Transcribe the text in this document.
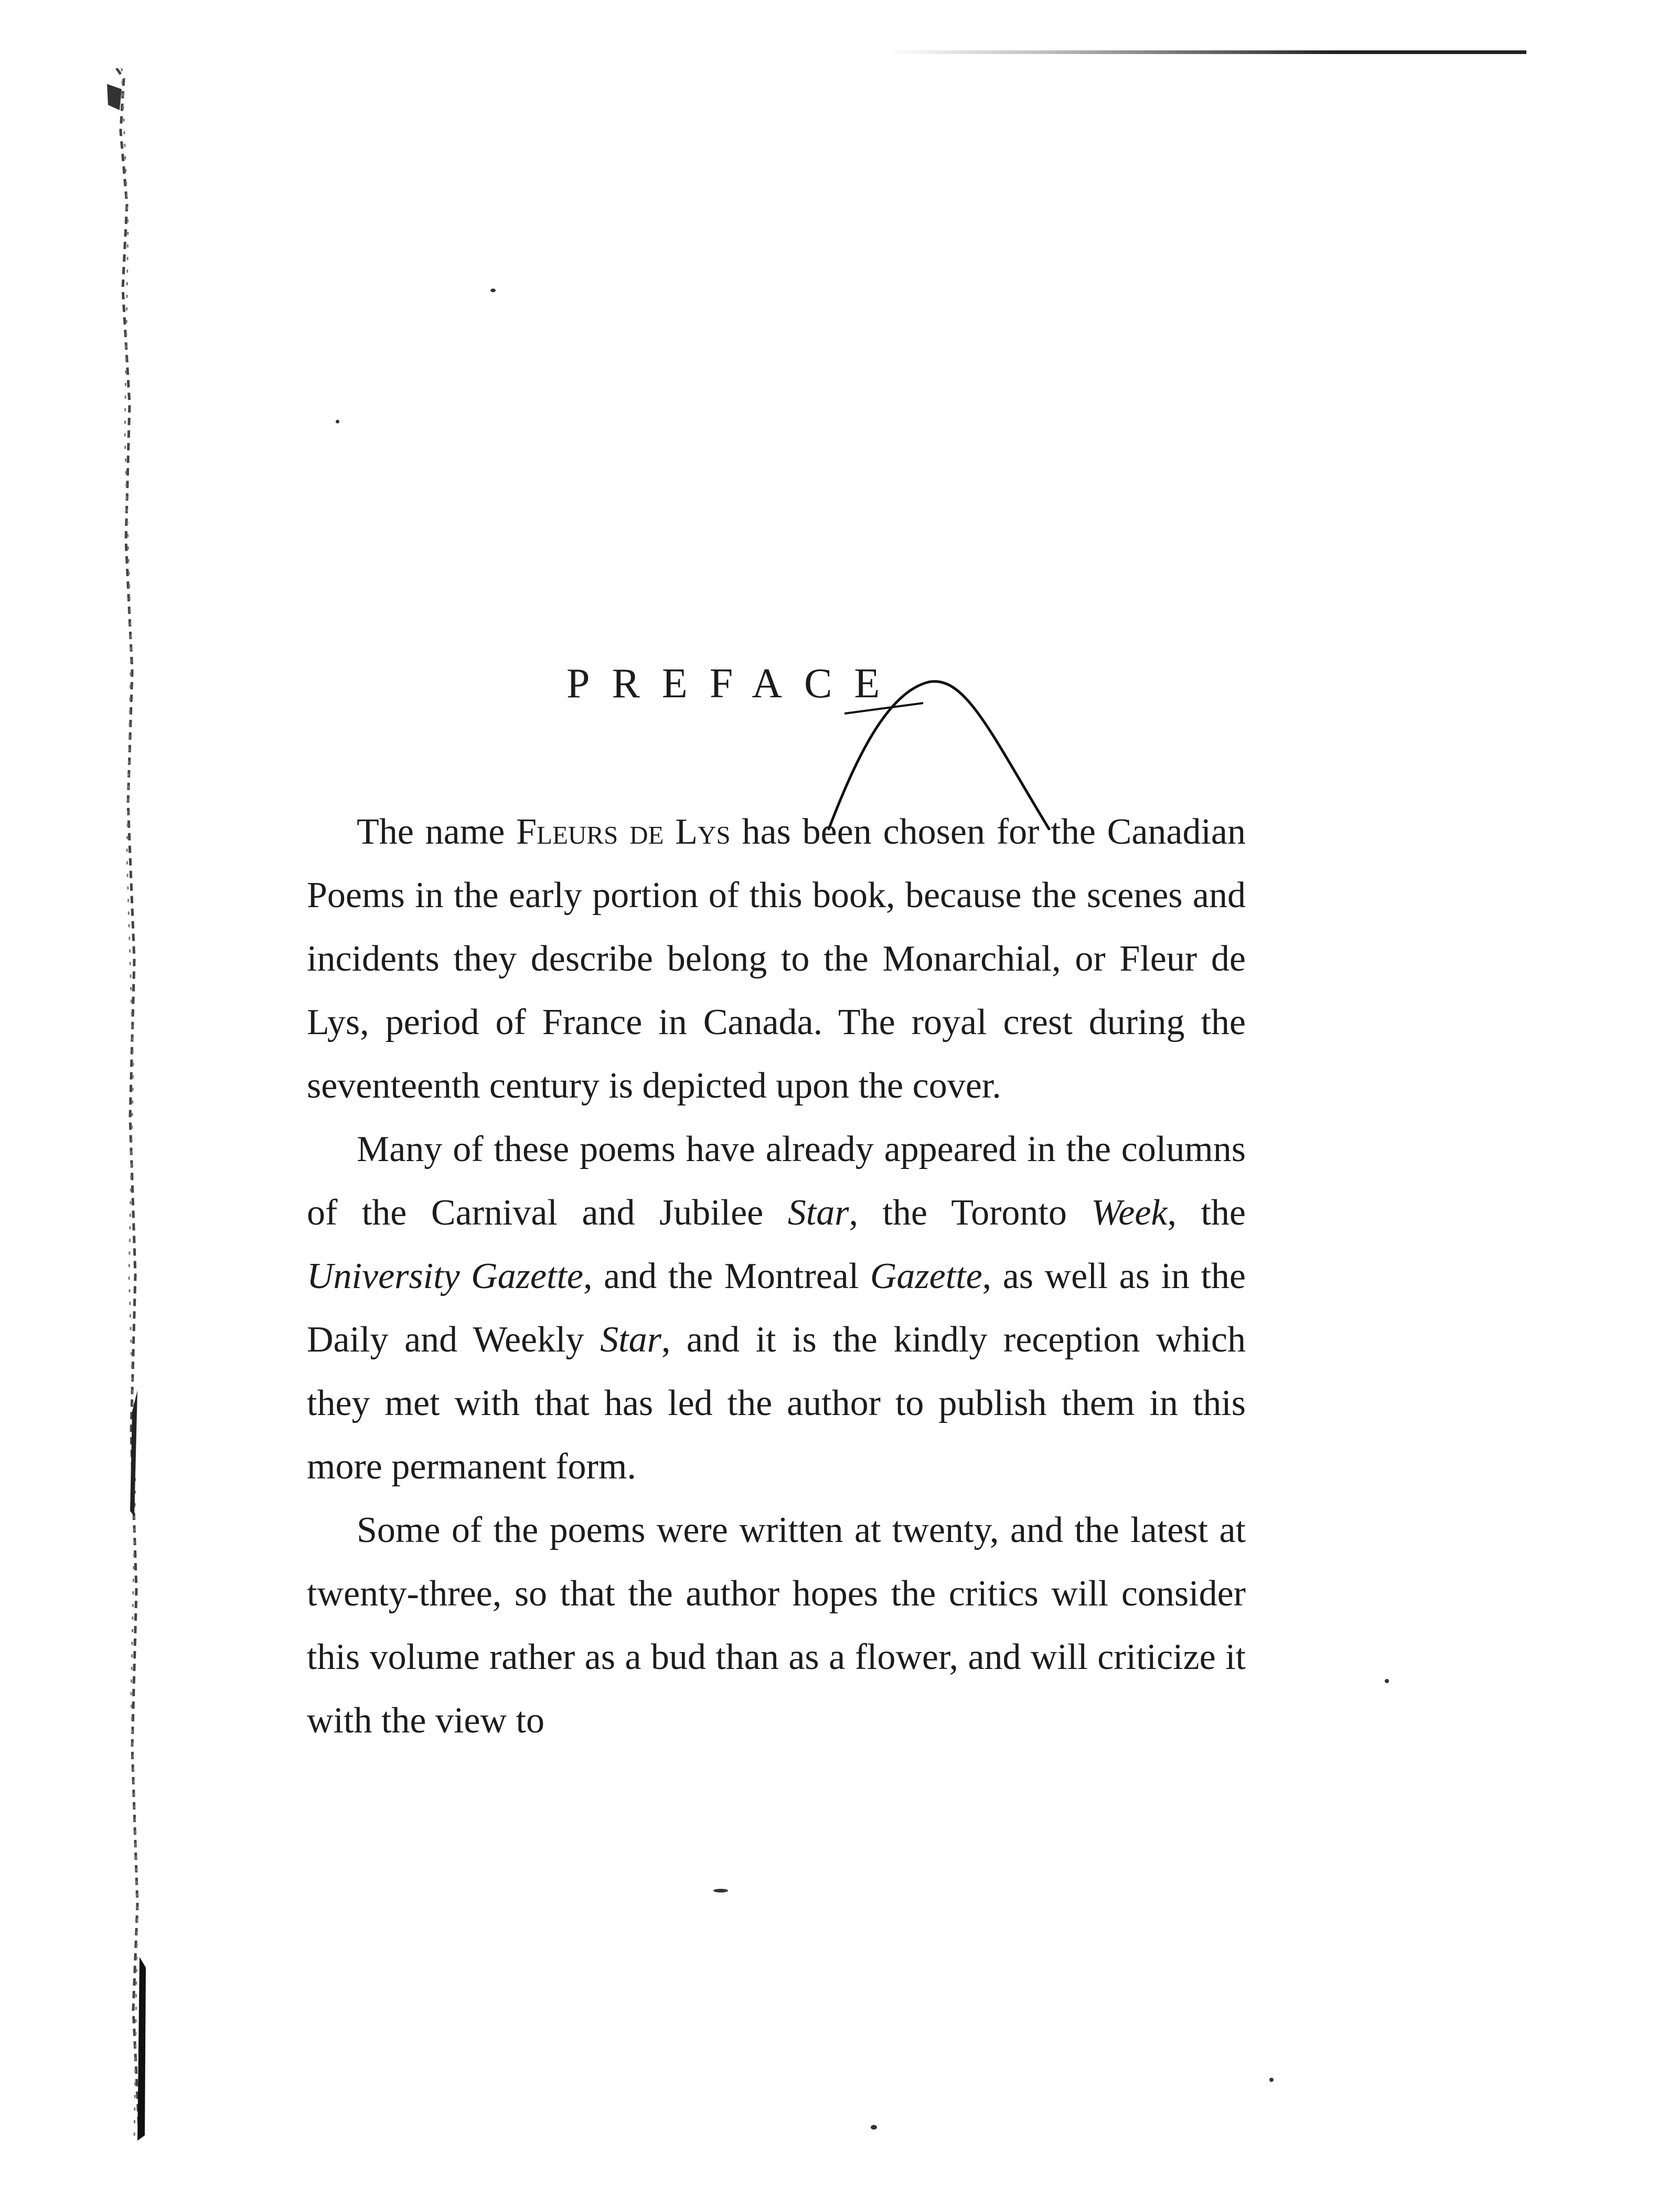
PREFACE

The name Fleurs de Lys has been chosen for the Canadian Poems in the early portion of this book, because the scenes and incidents they describe belong to the Monarchial, or Fleur de Lys, period of France in Canada. The royal crest during the seventeenth century is depicted upon the cover.

Many of these poems have already appeared in the columns of the Carnival and Jubilee Star, the Toronto Week, the University Gazette, and the Montreal Gazette, as well as in the Daily and Weekly Star, and it is the kindly reception which they met with that has led the author to publish them in this more permanent form.

Some of the poems were written at twenty, and the latest at twenty-three, so that the author hopes the critics will consider this volume rather as a bud than as a flower, and will criticize it with the view to
